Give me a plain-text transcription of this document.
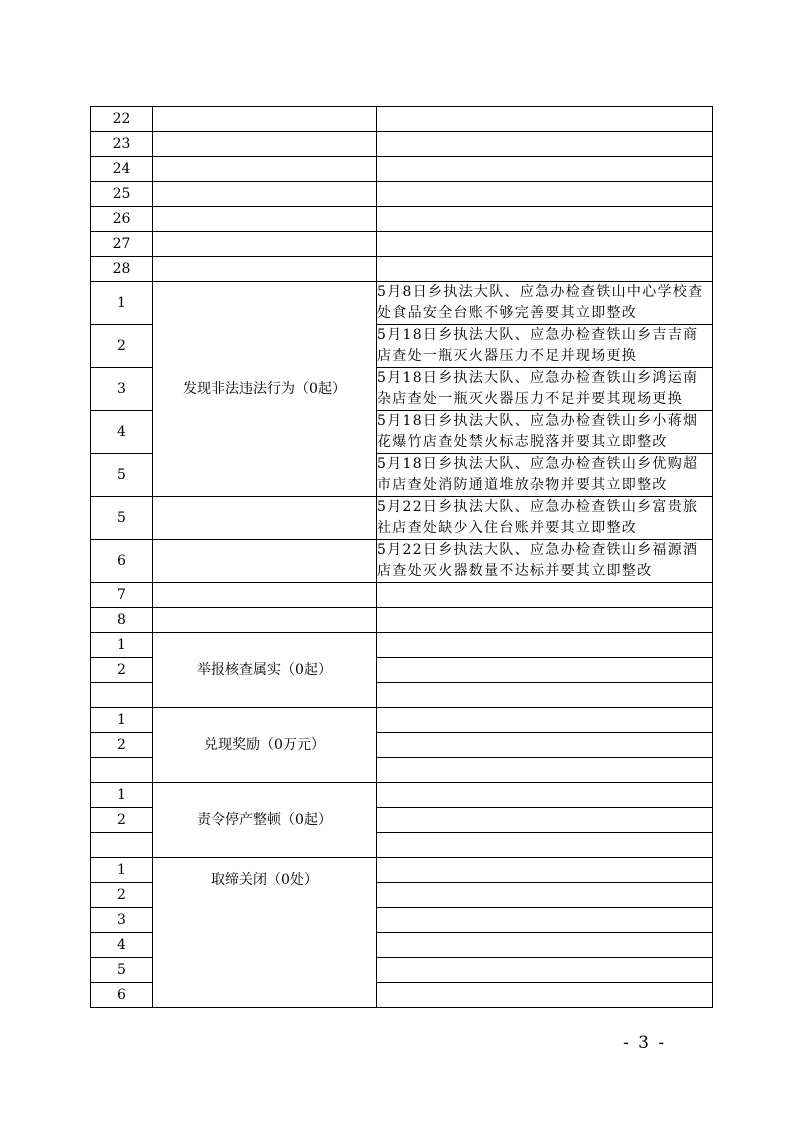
22		
23		
24		
25		
26		
27		
28		
1	发现非法违法行为（0起）	5月8日乡执法大队、应急办检查铁山中心学校查处食品安全台账不够完善要其立即整改
2		5月18日乡执法大队、应急办检查铁山乡吉吉商店查处一瓶灭火器压力不足并现场更换
3		5月18日乡执法大队、应急办检查铁山乡鸿运南杂店查处一瓶灭火器压力不足并要其现场更换
4		5月18日乡执法大队、应急办检查铁山乡小蒋烟花爆竹店查处禁火标志脱落并要其立即整改
5		5月18日乡执法大队、应急办检查铁山乡优购超市店查处消防通道堆放杂物并要其立即整改
5		5月22日乡执法大队、应急办检查铁山乡富贵旅社店查处缺少入住台账并要其立即整改
6		5月22日乡执法大队、应急办检查铁山乡福源酒店查处灭火器数量不达标并要其立即整改
7		
8		
1	举报核查属实（0起）	
2		

1	兑现奖励（0万元）	
2		

1	责令停产整顿（0起）	
2		

1	取缔关闭（0处）	
2		
3		
4		
5		
6		
- 3 -
